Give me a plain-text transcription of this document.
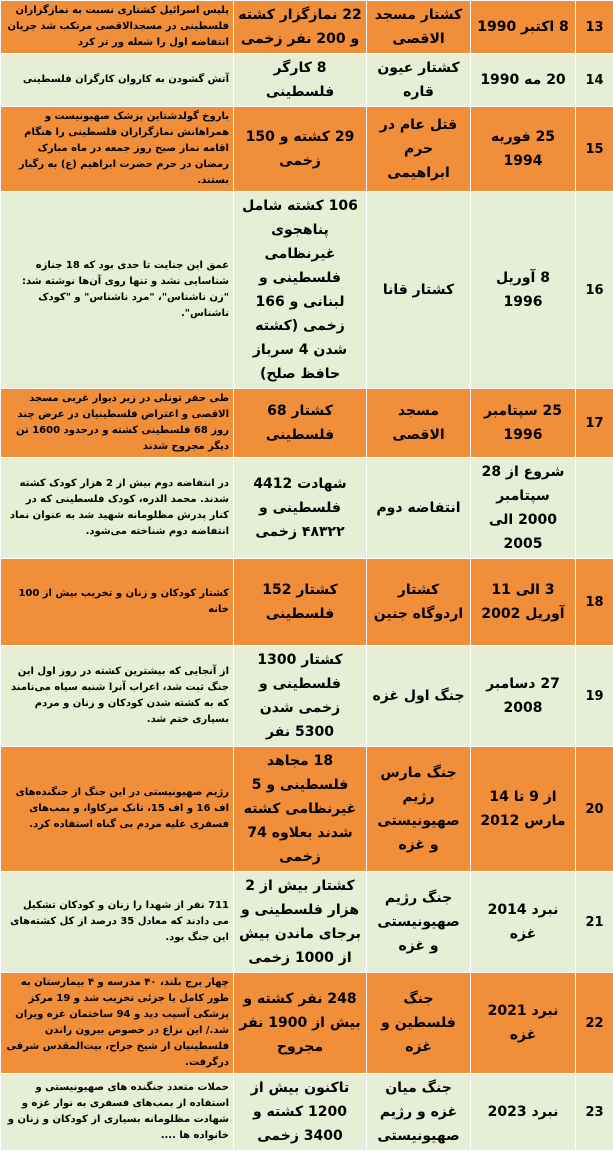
پلیس اسرائیل کشتاری نسبت به نمازگزاران فلسطینی در مسجدالاقصی مرتکب شد جریان انتفاضه اول را شعله ور تر کرد	22 نمازگزار کشته و 200 نفر زخمی	کشتار مسجد الاقصی	8 اکتبر 1990	13
آتش گشودن به کاروان کارگران فلسطینی	8 کارگر فلسطینی	کشتار عیون قاره	20 مه 1990	14
باروخ گولدشتاین پزشک صهیونیست و همراهانش نمازگزاران فلسطینی را هنگام اقامه نماز صبح روز جمعه در ماه مبارک رمضان در حرم حضرت ابراهیم (ع) به رگبار بستند.	29 کشته و 150 زخمی	قتل عام در حرم ابراهیمی	25 فوریه 1994	15
عمق این جنایت تا حدی بود که 18 جنازه شناسایی نشد و تنها روی آن‌ها نوشته شد: "زن ناشناس"، "مرد ناشناس" و "کودک ناشناس".	106 کشته شامل پناهجوی غیرنظامی فلسطینی و لبنانی و 166 زخمی (کشته شدن 4 سرباز حافظ صلح)	کشتار قانا	8 آوریل 1996	16
طی حفر تونلی در زیر دیوار غربی مسجد الاقصی و اعتراض فلسطینیان در عرض چند روز 68 فلسطینی کشته و درحدود 1600 تن دیگر مجروح شدند	کشتار 68 فلسطینی	مسجد الاقصی	25 سپتامبر 1996	17
در انتفاضه دوم بیش از 2 هزار کودک کشته شدند. محمد الدره، کودک فلسطینی که در کنار پدرش مظلومانه شهید شد به عنوان نماد انتفاضه دوم شناخته می‌شود.	شهادت 4412 فلسطینی و ۴۸۳۲۲ زخمی	انتفاضه دوم	شروع از 28 سپتامبر 2000 الی 2005	
کشتار کودکان و زنان و تخریب بیش از 100 خانه	کشتار 152 فلسطینی	کشتار اردوگاه جنین	3 الی 11 آوریل 2002	18
از آنجایی که بیشترین کشته در روز اول این جنگ ثبت شد، اعراب آنرا شنبه سیاه می‌نامند که به کشته شدن کودکان و زنان و مردم بسیاری ختم شد.	کشتار 1300 فلسطینی و زخمی شدن 5300 نفر	جنگ اول غزه	27 دسامبر 2008	19
رژیم صهیونیستی در این جنگ از جنگنده‌های اف 16 و اف 15، تانک مرکاوا، و بمب‌های فسفری علیه مردم بی گناه استفاده کرد.	18 مجاهد فلسطینی و 5 غیرنظامی کشته شدند بعلاوه 74 زخمی	جنگ مارس رژیم صهیونیستی و غزه	از 9 تا 14 مارس 2012	20
711 نفر از شهدا را زنان و کودکان تشکیل می دادند که معادل 35 درصد از کل کشته‌های این جنگ بود.	کشتار بیش از 2 هزار فلسطینی و برجای ماندن بیش از 1000 زخمی	جنگ رژیم صهیونیستی و غزه	نبرد 2014 غزه	21
چهار برج بلند، ۴۰ مدرسه و ۴ بیمارستان به طور کامل یا جزئی تخریب شد و 19 مرکز پزشکی آسیب دید و 94 ساختمان غزه ویران شد./ این نزاع در خصوص بیرون راندن فلسطینیان از شیخ جراح، بیت‌المقدس شرقی درگرفت.	248 نفر کشته و بیش از 1900 نفر مجروح	جنگ فلسطین و غزه	نبرد 2021 غزه	22
حملات متعدد جنگنده های صهیونیستی و استفاده از بمب‌های فسفری به نوار غزه و شهادت مظلومانه بسیاری از کودکان و زنان و خانواده ها ....	تاکنون بیش از 1200 کشته و 3400 زخمی	جنگ میان غزه و رژیم صهیونیستی	نبرد 2023	23
